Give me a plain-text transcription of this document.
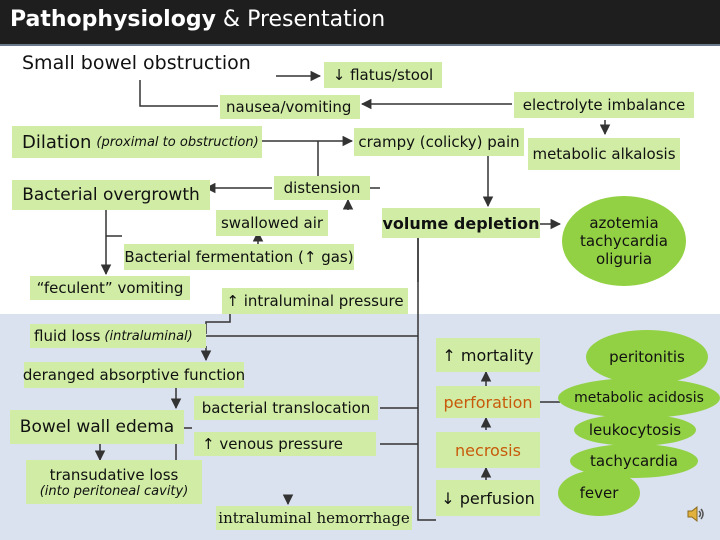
Pathophysiology & Presentation
Small bowel obstruction
↓ flatus/stool
nausea/vomiting	electrolyte imbalance
Dilation (proximal to obstruction)	crampy (colicky) pain
metabolic alkalosis
Bacterial overgrowth	distension
swallowed air	volume depletion	azotemia
tachycardia
oliguria
Bacterial fermentation (↑ gas)
“feculent” vomiting
↑ intraluminal pressure
fluid loss (intraluminal)
↑ mortality	peritonitis
deranged absorptive function
bacterial translocation	perforation	metabolic acidosis
Bowel wall edema	leukocytosis
↑ venous pressure	necrosis
tachycardia
transudative loss
(into peritoneal cavity)	↓ perfusion	fever
intraluminal hemorrhage
